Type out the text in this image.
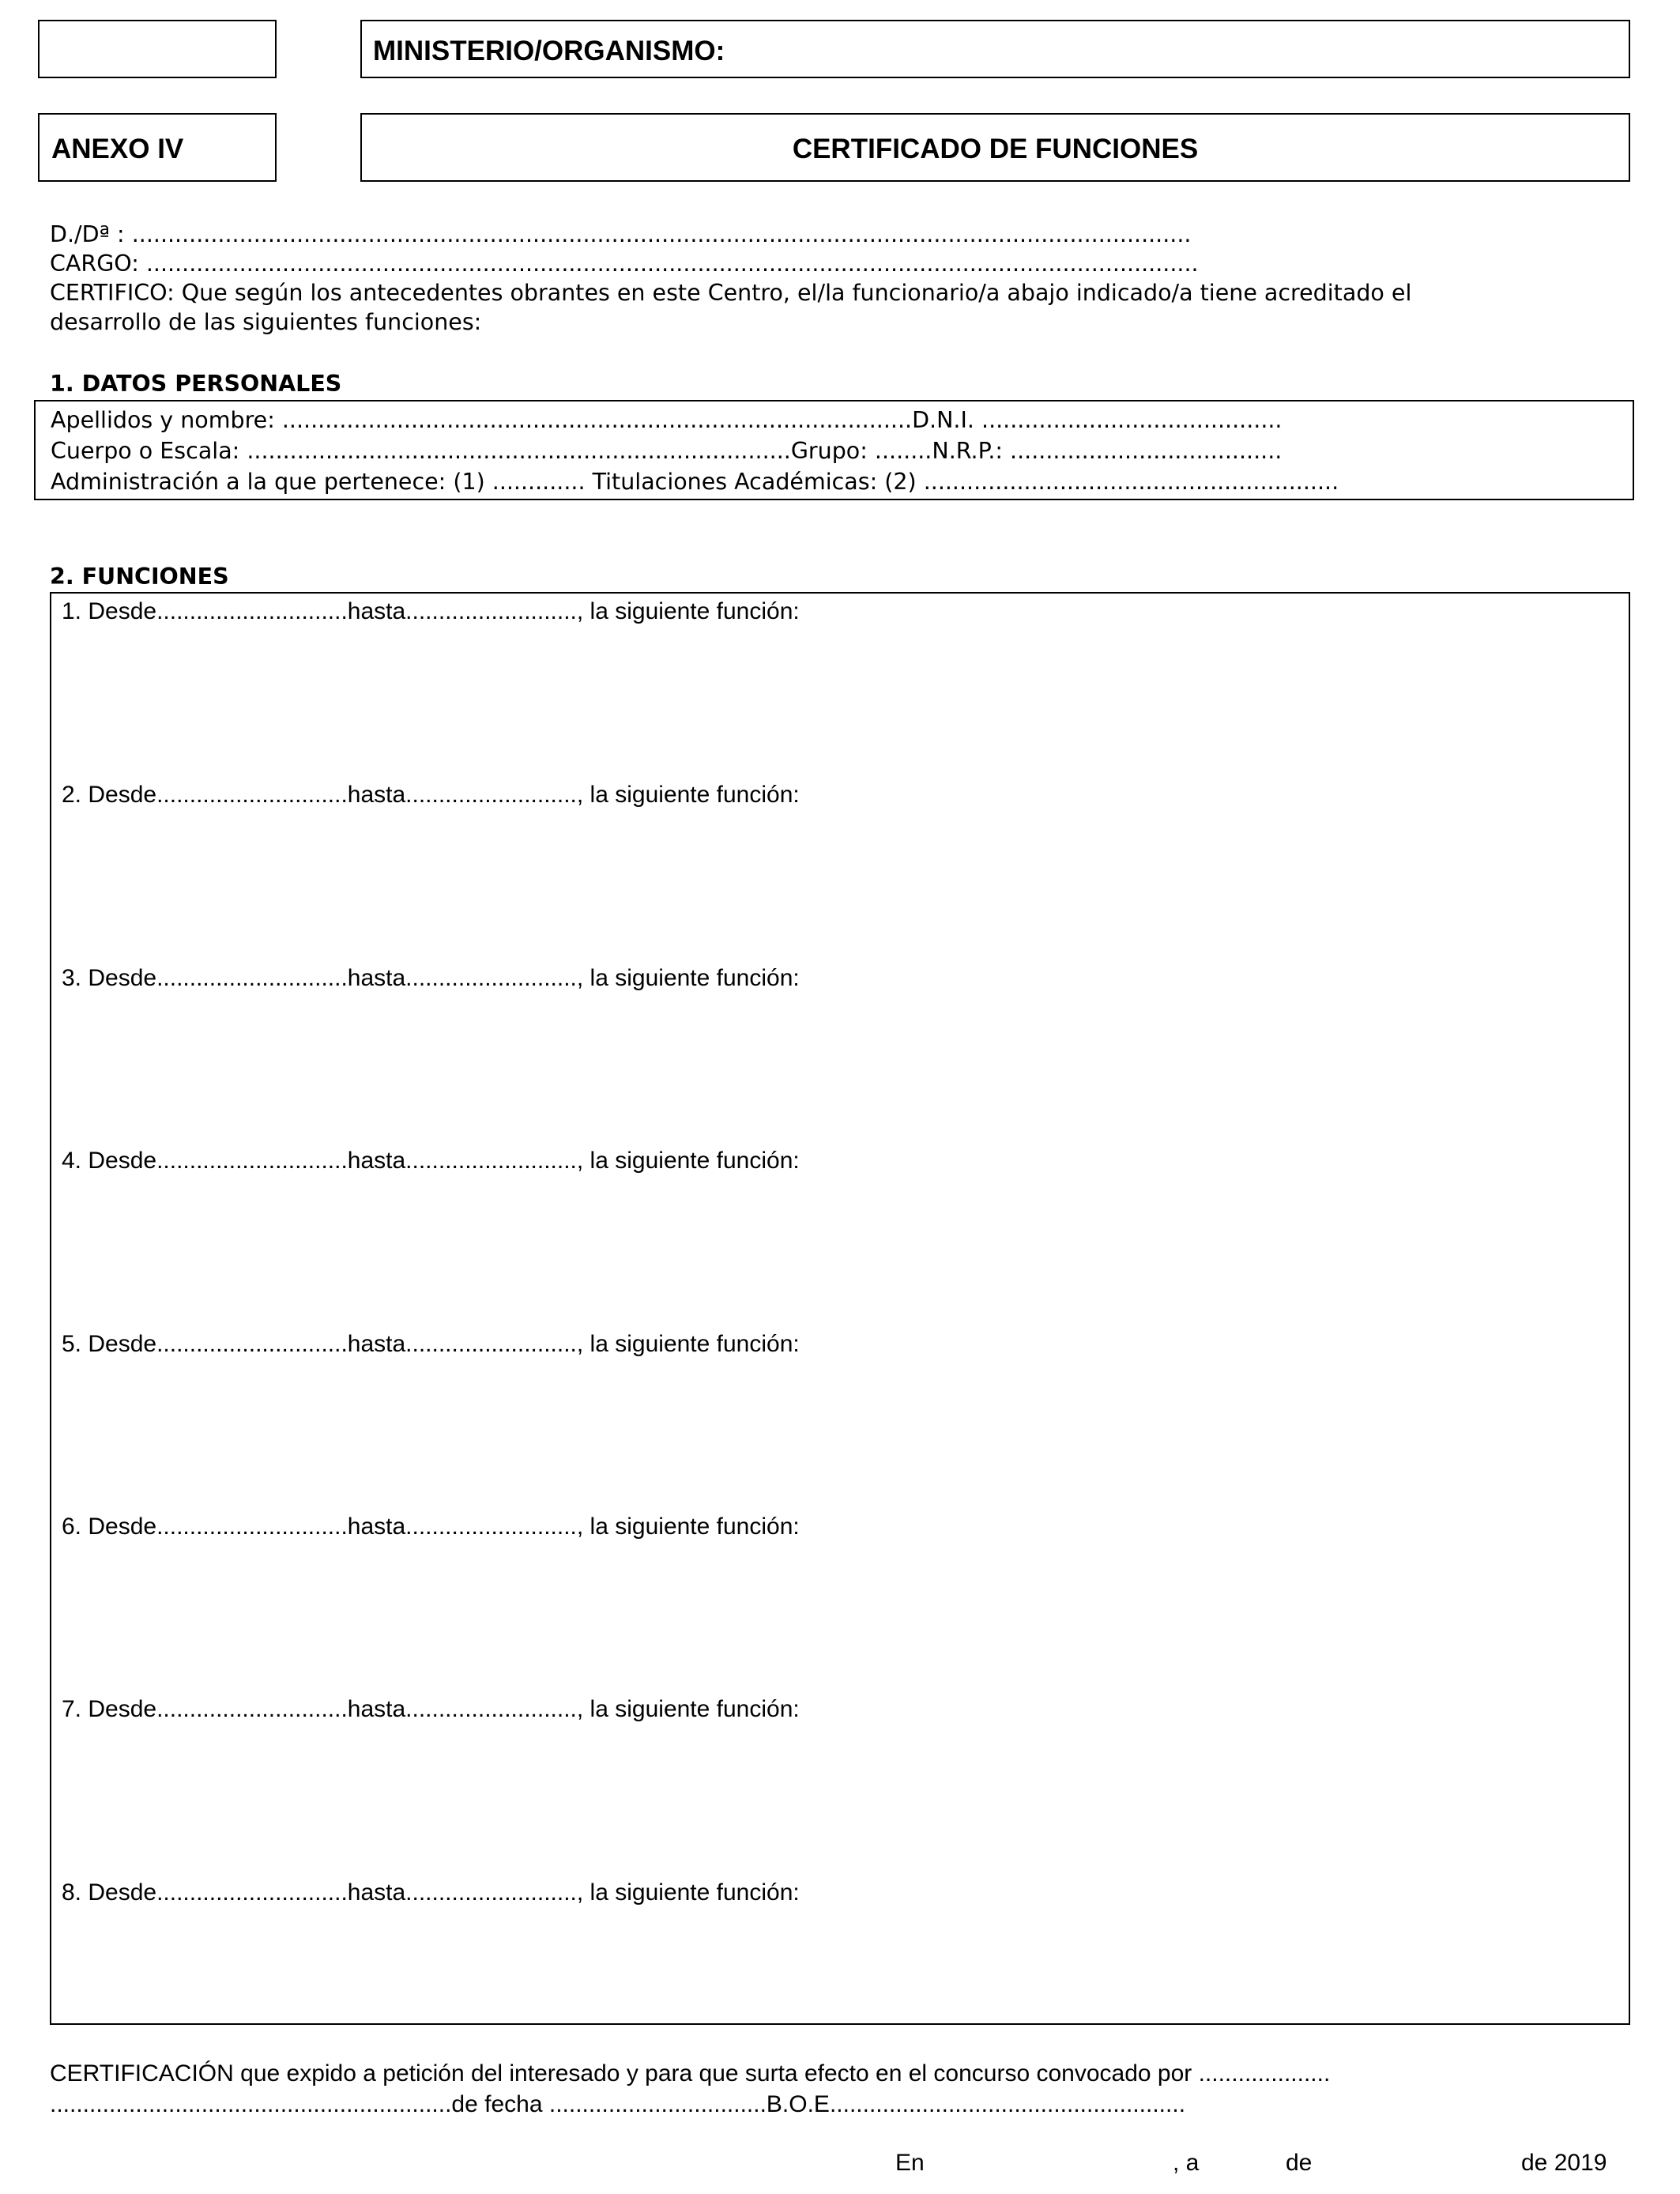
MINISTERIO/ORGANISMO:
ANEXO IV	CERTIFICADO DE FUNCIONES
D./Dª : ....................................................................................................................................................
CARGO: ...................................................................................................................................................
CERTIFICO: Que según los antecedentes obrantes en este Centro, el/la funcionario/a abajo indicado/a tiene acreditado el
desarrollo de las siguientes funciones:
1. DATOS PERSONALES
Apellidos y nombre: ........................................................................................D.N.I. ..........................................
Cuerpo o Escala: ............................................................................Grupo: ........N.R.P.: ......................................
Administración a la que pertenece: (1) ............. Titulaciones Académicas: (2) ..........................................................
2. FUNCIONES
1. Desde.............................hasta.........................., la siguiente función:
2. Desde.............................hasta.........................., la siguiente función:
3. Desde.............................hasta.........................., la siguiente función:
4. Desde.............................hasta.........................., la siguiente función:
5. Desde.............................hasta.........................., la siguiente función:
6. Desde.............................hasta.........................., la siguiente función:
7. Desde.............................hasta.........................., la siguiente función:
8. Desde.............................hasta.........................., la siguiente función:
CERTIFICACIÓN que expido a petición del interesado y para que surta efecto en el concurso convocado por ....................
.............................................................de fecha .................................B.O.E......................................................
En	, a	de	de 2019
